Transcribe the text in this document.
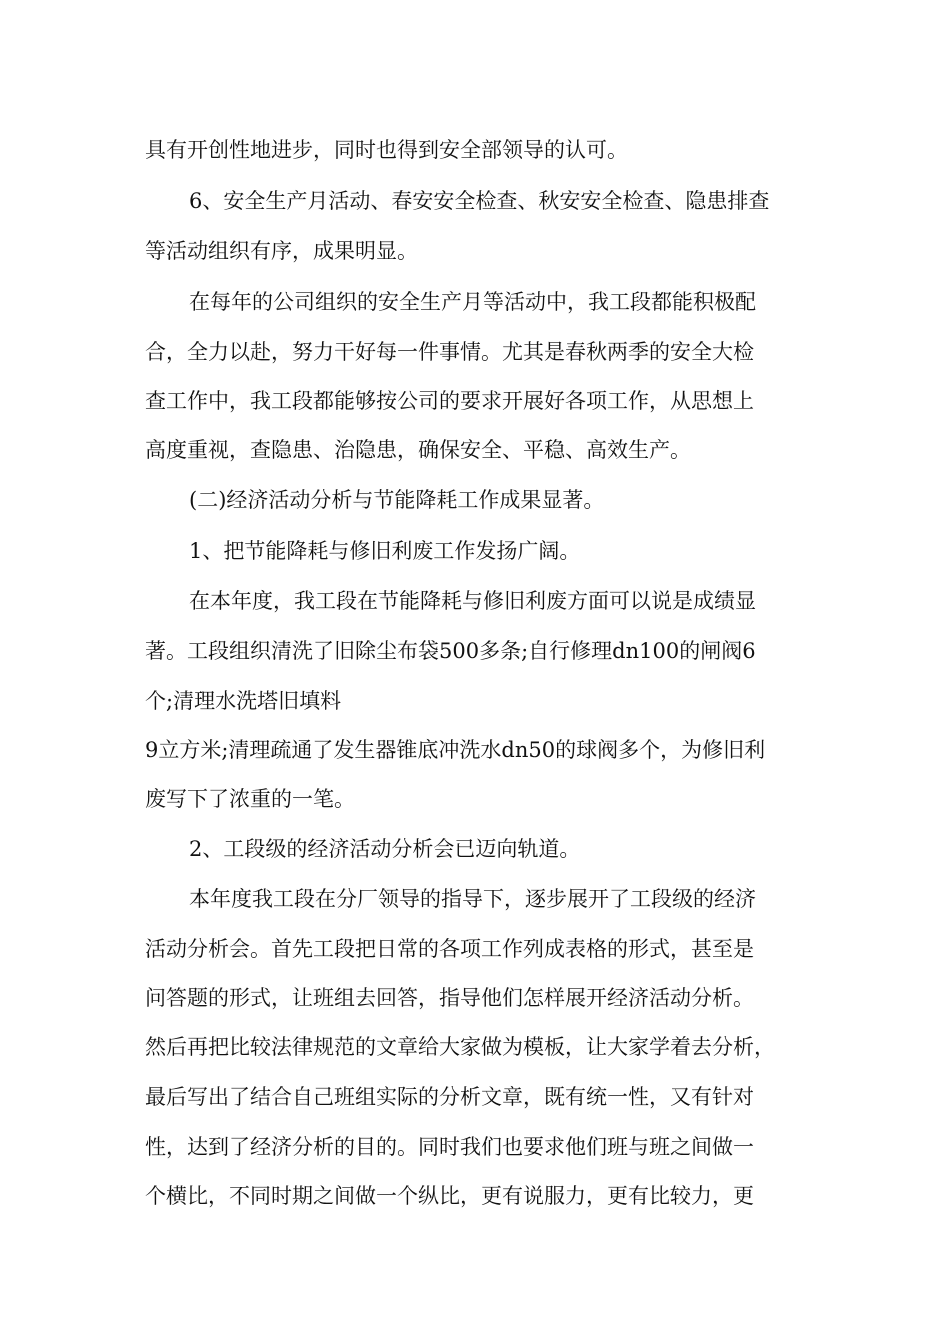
具有开创性地进步，同时也得到安全部领导的认可。

6、安全生产月活动、春安安全检查、秋安安全检查、隐患排查

等活动组织有序，成果明显。

在每年的公司组织的安全生产月等活动中，我工段都能积极配

合，全力以赴，努力干好每一件事情。尤其是春秋两季的安全大检

查工作中，我工段都能够按公司的要求开展好各项工作，从思想上

高度重视，查隐患、治隐患，确保安全、平稳、高效生产。

(二)经济活动分析与节能降耗工作成果显著。

1、把节能降耗与修旧利废工作发扬广阔。

在本年度，我工段在节能降耗与修旧利废方面可以说是成绩显

著。工段组织清洗了旧除尘布袋500多条;自行修理dn100的闸阀6

个;清理水洗塔旧填料

9立方米;清理疏通了发生器锥底冲洗水dn50的球阀多个，为修旧利

废写下了浓重的一笔。

2、工段级的经济活动分析会已迈向轨道。

本年度我工段在分厂领导的指导下，逐步展开了工段级的经济

活动分析会。首先工段把日常的各项工作列成表格的形式，甚至是

问答题的形式，让班组去回答，指导他们怎样展开经济活动分析。

然后再把比较法律规范的文章给大家做为模板，让大家学着去分析，

最后写出了结合自己班组实际的分析文章，既有统一性，又有针对

性，达到了经济分析的目的。同时我们也要求他们班与班之间做一

个横比，不同时期之间做一个纵比，更有说服力，更有比较力，更
